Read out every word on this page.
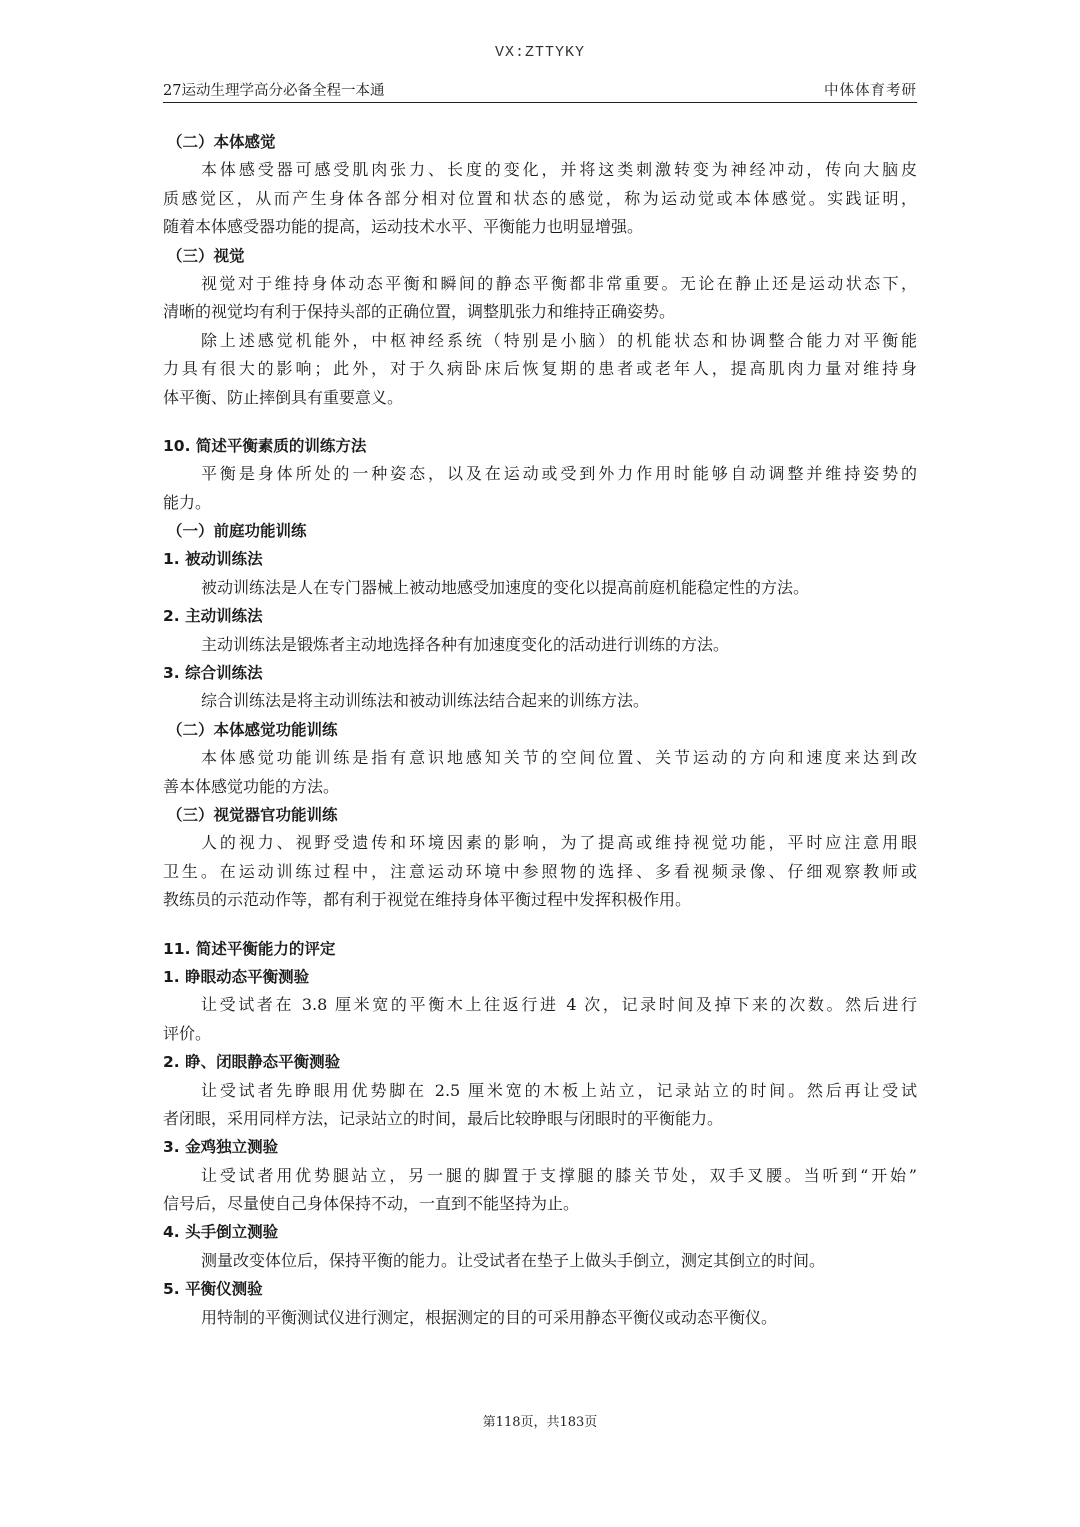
VX:ZTTYKY
27运动生理学高分必备全程一本通	中体体育考研
（二）本体感觉
本体感受器可感受肌肉张力、长度的变化，并将这类刺激转变为神经冲动，传向大脑皮
质感觉区，从而产生身体各部分相对位置和状态的感觉，称为运动觉或本体感觉。实践证明，
随着本体感受器功能的提高，运动技术水平、平衡能力也明显增强。
（三）视觉
视觉对于维持身体动态平衡和瞬间的静态平衡都非常重要。无论在静止还是运动状态下，
清晰的视觉均有利于保持头部的正确位置，调整肌张力和维持正确姿势。
除上述感觉机能外，中枢神经系统（特别是小脑）的机能状态和协调整合能力对平衡能
力具有很大的影响；此外，对于久病卧床后恢复期的患者或老年人，提高肌肉力量对维持身
体平衡、防止摔倒具有重要意义。
10. 简述平衡素质的训练方法
平衡是身体所处的一种姿态，以及在运动或受到外力作用时能够自动调整并维持姿势的
能力。
（一）前庭功能训练
1. 被动训练法
被动训练法是人在专门器械上被动地感受加速度的变化以提高前庭机能稳定性的方法。
2. 主动训练法
主动训练法是锻炼者主动地选择各种有加速度变化的活动进行训练的方法。
3. 综合训练法
综合训练法是将主动训练法和被动训练法结合起来的训练方法。
（二）本体感觉功能训练
本体感觉功能训练是指有意识地感知关节的空间位置、关节运动的方向和速度来达到改
善本体感觉功能的方法。
（三）视觉器官功能训练
人的视力、视野受遗传和环境因素的影响，为了提高或维持视觉功能，平时应注意用眼
卫生。在运动训练过程中，注意运动环境中参照物的选择、多看视频录像、仔细观察教师或
教练员的示范动作等，都有利于视觉在维持身体平衡过程中发挥积极作用。
11. 简述平衡能力的评定
1. 睁眼动态平衡测验
让受试者在 3.8 厘米宽的平衡木上往返行进 4 次，记录时间及掉下来的次数。然后进行
评价。
2. 睁、闭眼静态平衡测验
让受试者先睁眼用优势脚在 2.5 厘米宽的木板上站立，记录站立的时间。然后再让受试
者闭眼，采用同样方法，记录站立的时间，最后比较睁眼与闭眼时的平衡能力。
3. 金鸡独立测验
让受试者用优势腿站立，另一腿的脚置于支撑腿的膝关节处，双手叉腰。当听到“开始”
信号后，尽量使自己身体保持不动，一直到不能坚持为止。
4. 头手倒立测验
测量改变体位后，保持平衡的能力。让受试者在垫子上做头手倒立，测定其倒立的时间。
5. 平衡仪测验
用特制的平衡测试仪进行测定，根据测定的目的可采用静态平衡仪或动态平衡仪。
第118页，共183页
